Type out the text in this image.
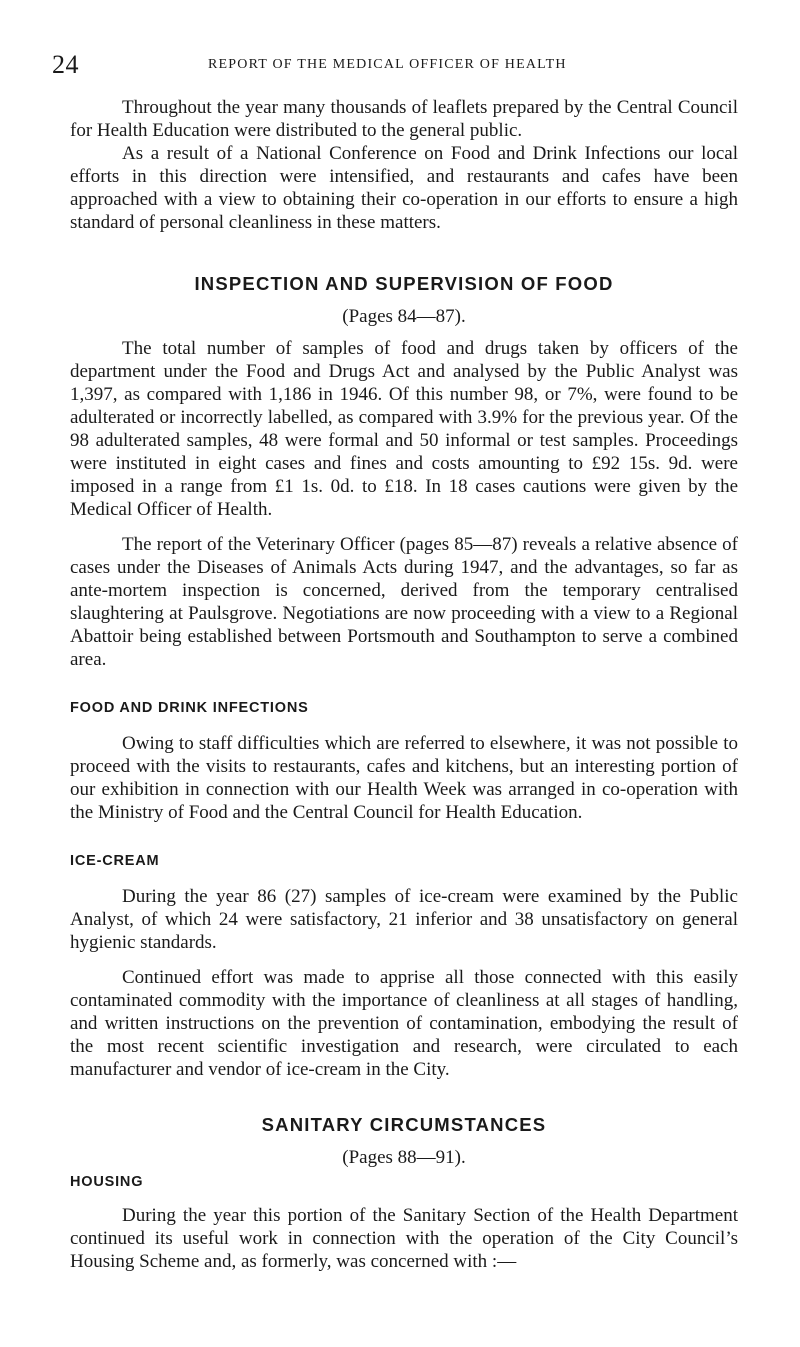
24	REPORT OF THE MEDICAL OFFICER OF HEALTH

Throughout the year many thousands of leaflets prepared by the Central Council for Health Education were distributed to the general public.

As a result of a National Conference on Food and Drink Infections our local efforts in this direction were intensified, and restaurants and cafes have been approached with a view to obtaining their co-operation in our efforts to ensure a high standard of personal cleanliness in these matters.

INSPECTION AND SUPERVISION OF FOOD

(Pages 84—87).

The total number of samples of food and drugs taken by officers of the department under the Food and Drugs Act and analysed by the Public Analyst was 1,397, as compared with 1,186 in 1946. Of this number 98, or 7%, were found to be adulterated or incorrectly labelled, as compared with 3.9% for the previous year. Of the 98 adulterated samples, 48 were formal and 50 informal or test samples. Proceedings were instituted in eight cases and fines and costs amounting to £92 15s. 9d. were imposed in a range from £1 1s. 0d. to £18. In 18 cases cautions were given by the Medical Officer of Health.

The report of the Veterinary Officer (pages 85—87) reveals a relative absence of cases under the Diseases of Animals Acts during 1947, and the advantages, so far as ante-mortem inspection is concerned, derived from the temporary centralised slaughtering at Paulsgrove. Negotiations are now proceeding with a view to a Regional Abattoir being established between Portsmouth and Southampton to serve a combined area.

FOOD AND DRINK INFECTIONS

Owing to staff difficulties which are referred to elsewhere, it was not possible to proceed with the visits to restaurants, cafes and kitchens, but an interesting portion of our exhibition in connection with our Health Week was arranged in co-operation with the Ministry of Food and the Central Council for Health Education.

ICE-CREAM

During the year 86 (27) samples of ice-cream were examined by the Public Analyst, of which 24 were satisfactory, 21 inferior and 38 unsatisfactory on general hygienic standards.

Continued effort was made to apprise all those connected with this easily contaminated commodity with the importance of cleanliness at all stages of handling, and written instructions on the prevention of contamination, embodying the result of the most recent scientific investigation and research, were circulated to each manufacturer and vendor of ice-cream in the City.

SANITARY CIRCUMSTANCES

(Pages 88—91).

HOUSING

During the year this portion of the Sanitary Section of the Health Department continued its useful work in connection with the operation of the City Council’s Housing Scheme and, as formerly, was concerned with :—
